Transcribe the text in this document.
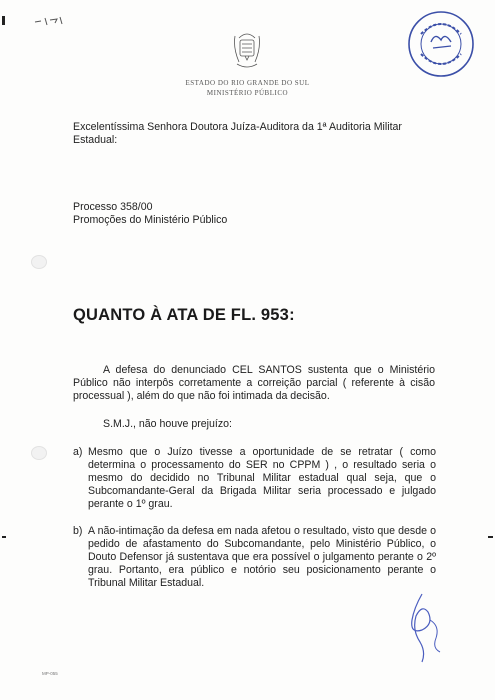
ESTADO DO RIO GRANDE DO SUL
MINISTÉRIO PÚBLICO
Excelentíssima Senhora Doutora Juíza-Auditora da 1ª Auditoria Militar Estadual:
Processo 358/00
Promoções do Ministério Público
QUANTO À ATA DE FL. 953:
A defesa do denunciado CEL SANTOS sustenta que o Ministério Público não interpôs corretamente a correição parcial ( referente à cisão processual ), além do que não foi intimada da decisão.
S.M.J., não houve prejuízo:
a) Mesmo que o Juízo tivesse a oportunidade de se retratar ( como determina o processamento do SER no CPPM ) , o resultado seria o mesmo do decidido no Tribunal Militar estadual qual seja, que o Subcomandante-Geral da Brigada Militar seria processado e julgado perante o 1º grau.
b) A não-intimação da defesa em nada afetou o resultado, visto que desde o pedido de afastamento do Subcomandante, pelo Ministério Público, o Douto Defensor já sustentava que era possível o julgamento perante o 2º grau. Portanto, era público e notório seu posicionamento perante o Tribunal Militar Estadual.
MP-055
